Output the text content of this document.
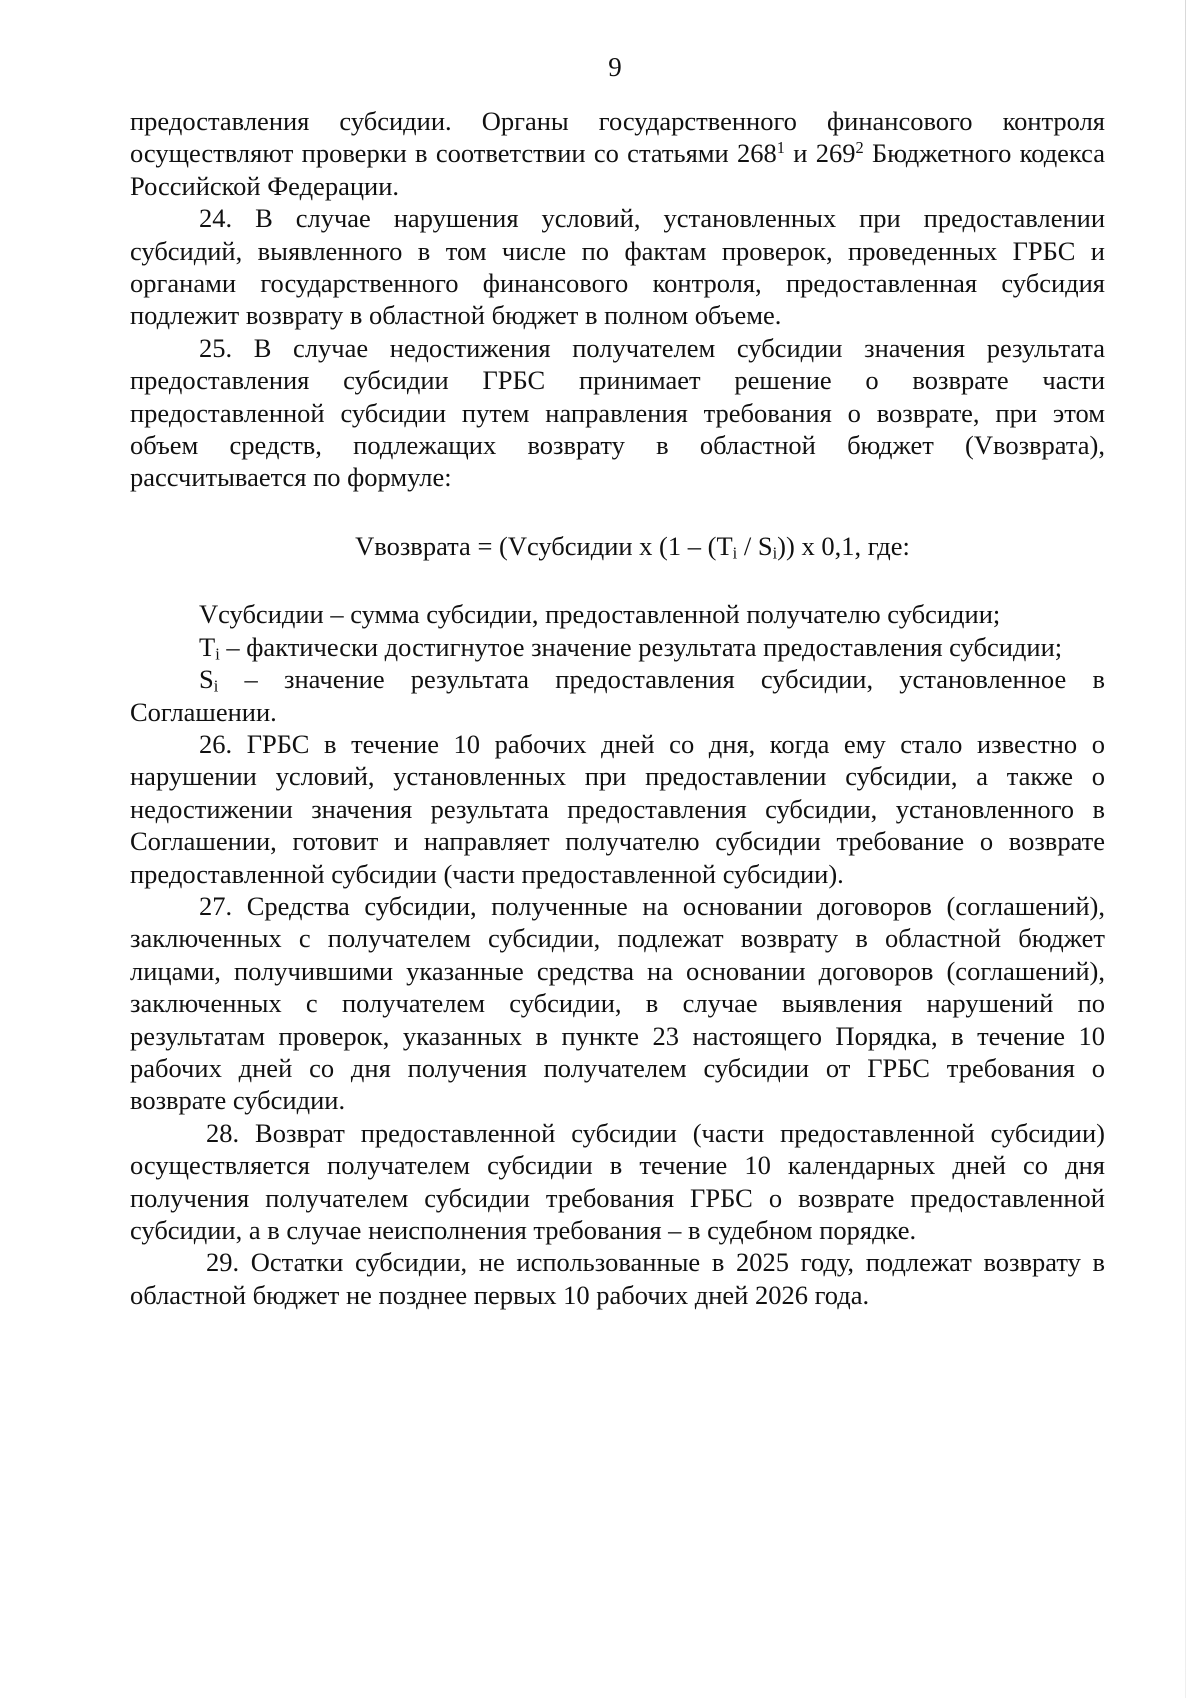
9

предоставления субсидии. Органы государственного финансового контроля осуществляют проверки в соответствии со статьями $268^1$ и $269^2$ Бюджетного кодекса Российской Федерации.

24. В случае нарушения условий, установленных при предоставлении субсидий, выявленного в том числе по фактам проверок, проведенных ГРБС и органами государственного финансового контроля, предоставленная субсидия подлежит возврату в областной бюджет в полном объеме.

25. В случае недостижения получателем субсидии значения результата предоставления субсидии ГРБС принимает решение о возврате части предоставленной субсидии путем направления требования о возврате, при этом объем средств, подлежащих возврату в областной бюджет (Vвозврата), рассчитывается по формуле:

Vвозврата = (Vсубсидии x $(1 - (T_i / S_i))$ x 0,1, где:

Vсубсидии – сумма субсидии, предоставленной получателю субсидии;

$T_i$ – фактически достигнутое значение результата предоставления субсидии;

$S_i$ – значение результата предоставления субсидии, установленное в Соглашении.

26. ГРБС в течение 10 рабочих дней со дня, когда ему стало известно о нарушении условий, установленных при предоставлении субсидии, а также о недостижении значения результата предоставления субсидии, установленного в Соглашении, готовит и направляет получателю субсидии требование о возврате предоставленной субсидии (части предоставленной субсидии).

27. Средства субсидии, полученные на основании договоров (соглашений), заключенных с получателем субсидии, подлежат возврату в областной бюджет лицами, получившими указанные средства на основании договоров (соглашений), заключенных с получателем субсидии, в случае выявления нарушений по результатам проверок, указанных в пункте 23 настоящего Порядка, в течение 10 рабочих дней со дня получения получателем субсидии от ГРБС требования о возврате субсидии.

28. Возврат предоставленной субсидии (части предоставленной субсидии) осуществляется получателем субсидии в течение 10 календарных дней со дня получения получателем субсидии требования ГРБС о возврате предоставленной субсидии, а в случае неисполнения требования – в судебном порядке.

29. Остатки субсидии, не использованные в 2025 году, подлежат возврату в областной бюджет не позднее первых 10 рабочих дней 2026 года.
